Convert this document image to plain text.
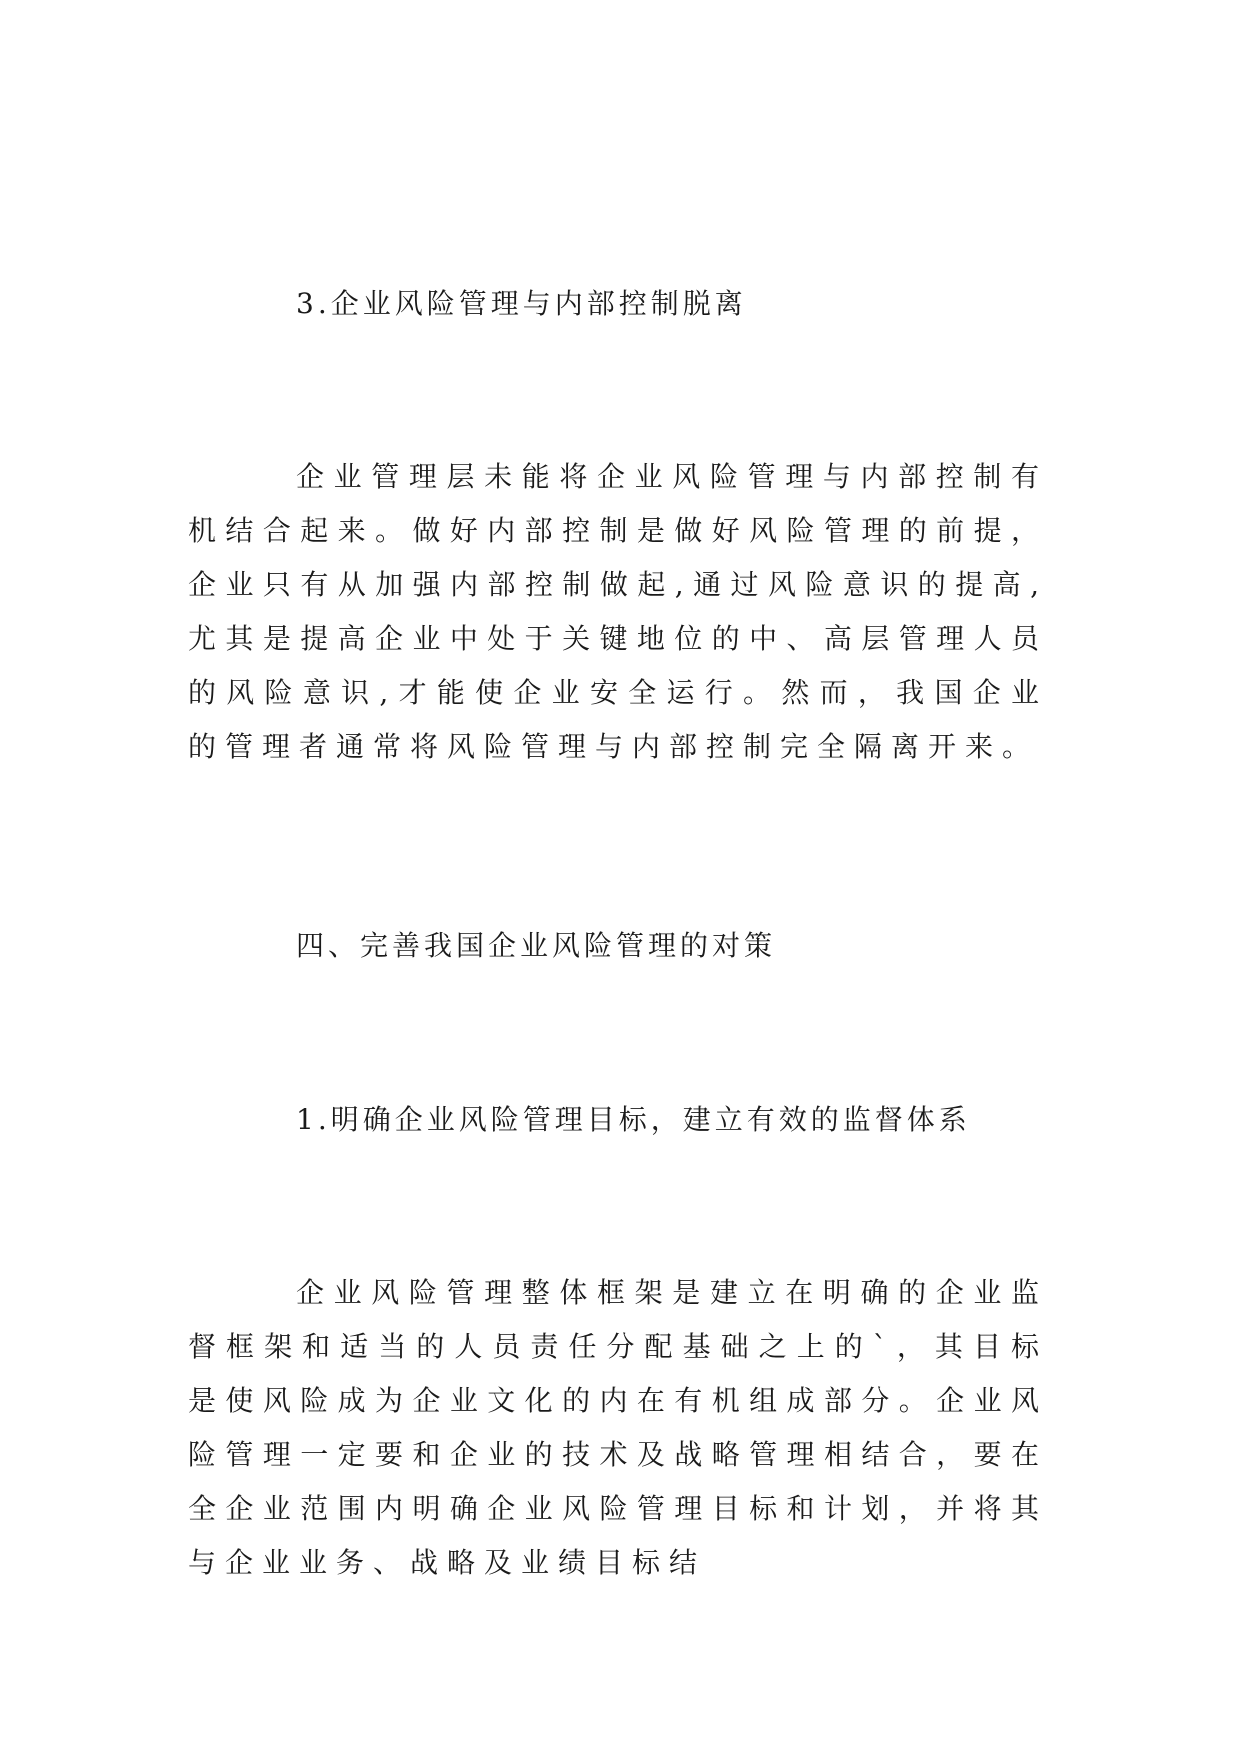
3.企业风险管理与内部控制脱离

企业管理层未能将企业风险管理与内部控制有机结合起来。做好内部控制是做好风险管理的前提，企业只有从加强内部控制做起,通过风险意识的提高,尤其是提高企业中处于关键地位的中、高层管理人员的风险意识,才能使企业安全运行。然而，我国企业的管理者通常将风险管理与内部控制完全隔离开来。

四、完善我国企业风险管理的对策
1.明确企业风险管理目标，建立有效的监督体系

企业风险管理整体框架是建立在明确的企业监督框架和适当的人员责任分配基础之上的`，其目标是使风险成为企业文化的内在有机组成部分。企业风险管理一定要和企业的技术及战略管理相结合，要在全企业范围内明确企业风险管理目标和计划，并将其与企业业务、战略及业绩目标结
